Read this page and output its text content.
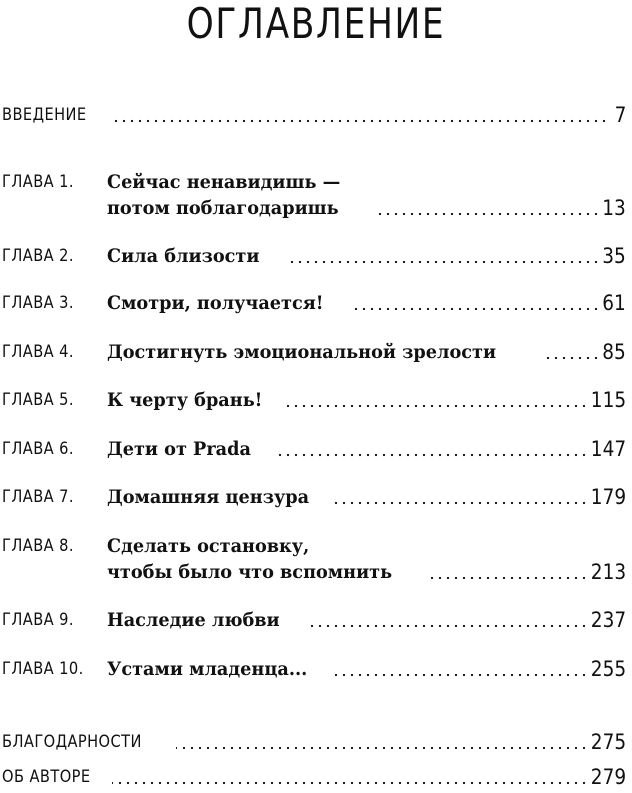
ОГЛАВЛЕНИЕ
ВВЕДЕНИЕ	7
ГЛАВА 1. Сейчас ненавидишь —
потом поблагодаришь	13
ГЛАВА 2. Сила близости	35
ГЛАВА 3. Смотри, получается!	61
ГЛАВА 4. Достигнуть эмоциональной зрелости	85
ГЛАВА 5. К черту брань!	115
ГЛАВА 6. Дети от Prada	147
ГЛАВА 7. Домашняя цензура	179
ГЛАВА 8. Сделать остановку,
чтобы было что вспомнить	213
ГЛАВА 9. Наследие любви	237
ГЛАВА 10. Устами младенца...	255
БЛАГОДАРНОСТИ	275
ОБ АВТОРЕ	279
